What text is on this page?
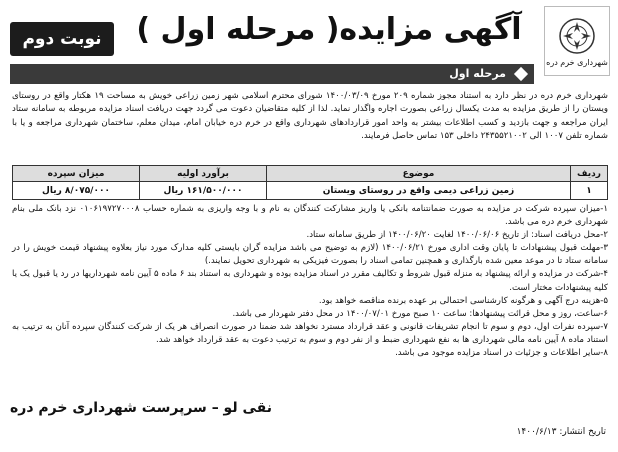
شهرداری خرم دره
آگهی مزایده( مرحله اول )
نوبت دوم
مرحله اول
شهرداری خرم دره در نظر دارد به استناد مجوز شماره ۲۰۹ مورخ ۱۴۰۰/۰۳/۰۹ شورای محترم اسلامی شهر زمین زراعی خویش به مساحت ۱۹ هکتار واقع در روستای ویستان را از طریق مزایده به مدت یکسال زراعی بصورت اجاره واگذار نماید. لذا از کلیه متقاضیان دعوت می گردد جهت دریافت اسناد مزایده مربوطه به سامانه ستاد ایران مراجعه و جهت بازدید و کسب اطلاعات بیشتر به واحد امور قراردادهای شهرداری واقع در خرم دره خیابان امام، میدان معلم، ساختمان شهرداری مراجعه و یا با شماره تلفن ۱۰۰۷ الی ۲۴۳۵۵۲۱۰۰۲ داخلی ۱۵۳ تماس حاصل فرمایند.
ردیف	موضوع	برآورد اولیه	میزان سپرده
۱	زمین زراعی دیمی واقع در روستای ویستان	۱۶۱/۵۰۰/۰۰۰ ریال	۸/۰۷۵/۰۰۰ ریال
۱-میزان سپرده شرکت در مزایده به صورت ضمانتنامه بانکی یا واریز مشارکت کنندگان به نام و با وجه واریزی به شماره حساب ۰۱۰۶۱۹۷۲۷۰۰۰۸ نزد بانک ملی بنام شهرداری خرم دره می باشد.
۲-محل دریافت اسناد: از تاریخ ۱۴۰۰/۰۶/۰۶ لغایت ۱۴۰۰/۰۶/۲۰ از طریق سامانه ستاد.
۳-مهلت قبول پیشنهادات تا پایان وقت اداری مورخ ۱۴۰۰/۰۶/۲۱ (لازم به توضیح می باشد مزایده گران بایستی کلیه مدارک مورد نیاز بعلاوه پیشنهاد قیمت خویش را در سامانه ستاد تا در موعد معین شده بارگذاری و همچنین تمامی اسناد را بصورت فیزیکی به شهرداری تحویل نمایند.)
۴-شرکت در مزایده و ارائه پیشنهاد به منزله قبول شروط و تکالیف مقرر در اسناد مزایده بوده و شهرداری به استناد بند ۶ ماده ۵ آیین نامه شهرداریها در رد یا قبول یک یا کلیه پیشنهادات مختار است.
۵-هزینه درج آگهی و هرگونه کارشناسی احتمالی بر عهده برنده مناقصه خواهد بود.
۶-ساعت، روز و محل قرائت پیشنهادها: ساعت ۱۰ صبح مورخ ۱۴۰۰/۰۷/۰۱ در محل دفتر شهردار می باشد.
۷-سپرده نفرات اول، دوم و سوم تا انجام تشریفات قانونی و عقد قرارداد مسترد نخواهد شد ضمنا در صورت انصراف هر یک از شرکت کنندگان سپرده آنان به ترتیب به استناد ماده ۸ آیین نامه مالی شهرداری ها به نفع شهرداری ضبط و از نفر دوم و سوم به ترتیب دعوت به عقد قرارداد خواهد شد.
۸-سایر اطلاعات و جزئیات در اسناد مزایده موجود می باشد.
نقی لو – سرپرست شهرداری خرم دره
تاریخ انتشار: ۱۴۰۰/۶/۱۳
